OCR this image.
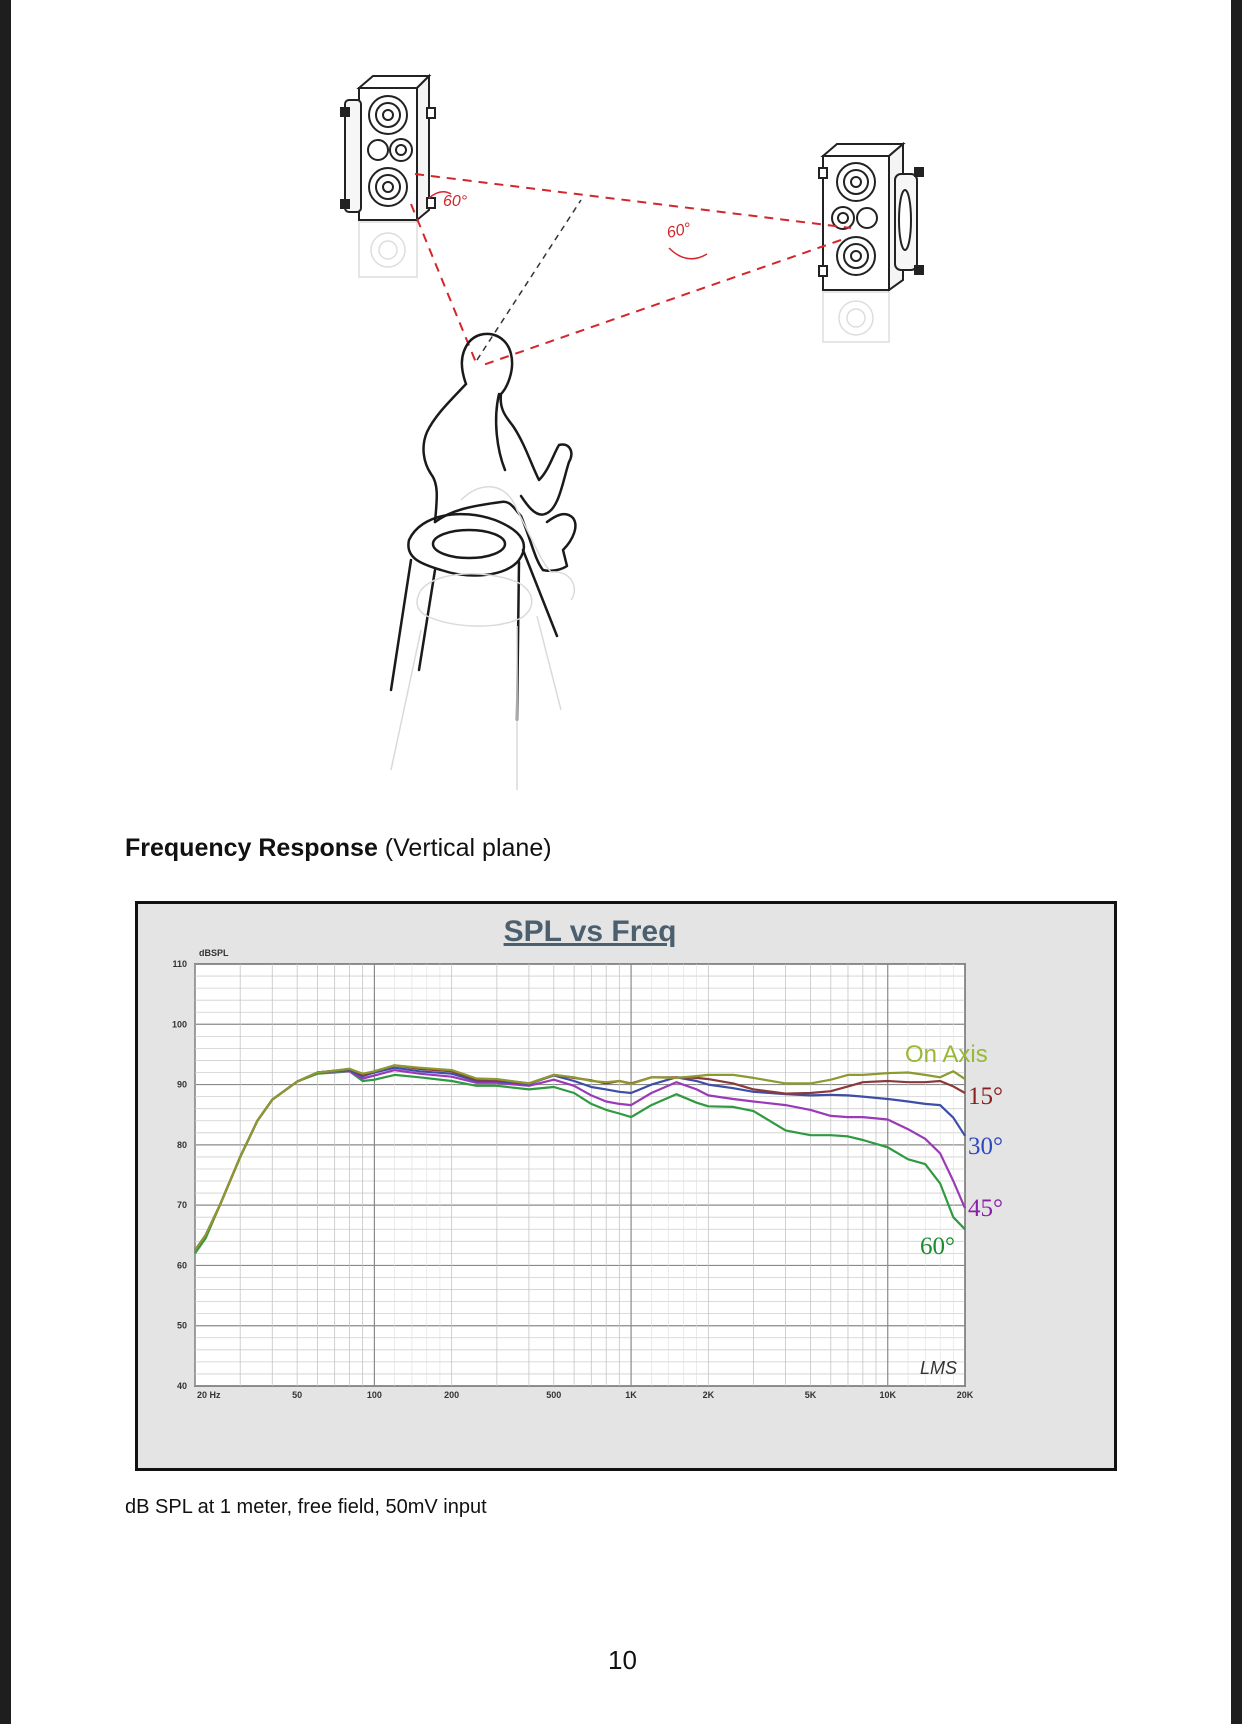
60°
60°
Frequency Response (Vertical plane)
40
50
60
70
80
90
100
110
dBSPL
20 Hz	50	100	200	500	1K	2K	5K	10K	20K
SPL vs Freq
On Axis
15°
30°
45°
60°
LMS
dB SPL at 1 meter, free field, 50mV input
10
